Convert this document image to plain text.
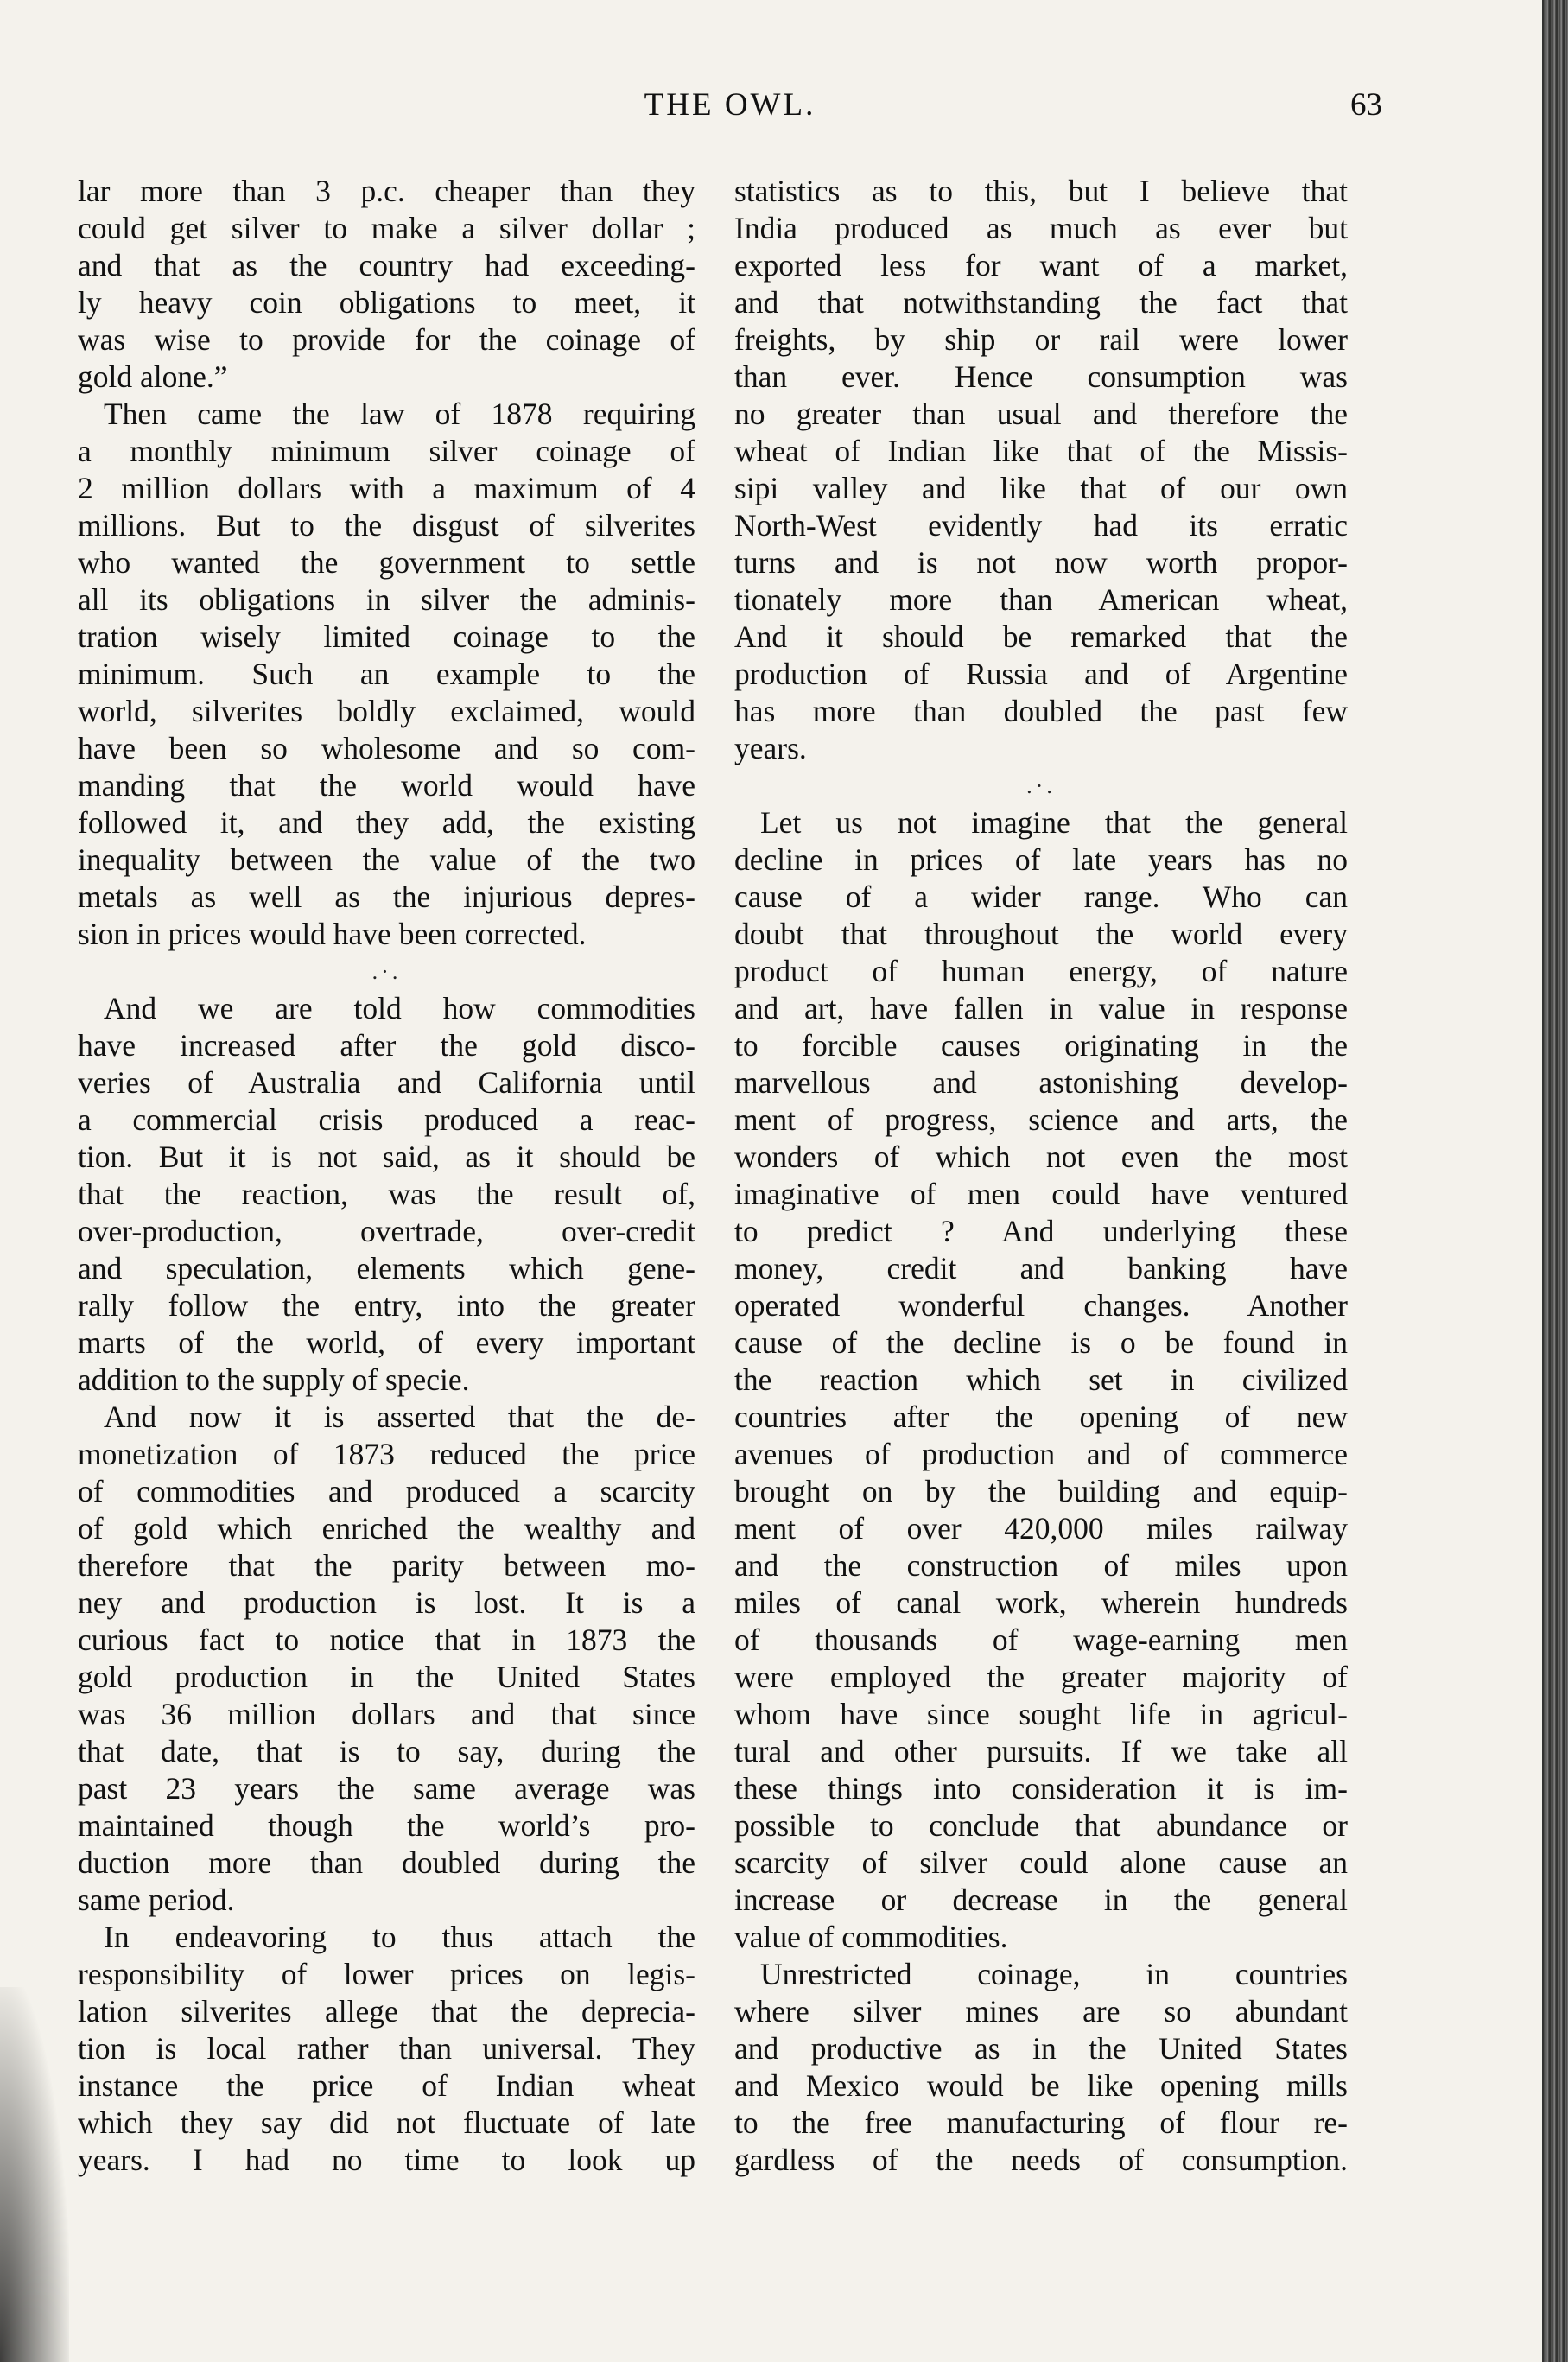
THE OWL.	63
lar more than 3 p.c. cheaper than they
could get silver to make a silver dollar ;
and that as the country had exceeding-
ly heavy coin obligations to meet, it
was wise to provide for the coinage of
gold alone.”
Then came the law of 1878 requiring
a monthly minimum silver coinage of
2 million dollars with a maximum of 4
millions. But to the disgust of silverites
who wanted the government to settle
all its obligations in silver the adminis-
tration wisely limited coinage to the
minimum. Such an example to the
world, silverites boldly exclaimed, would
have been so wholesome and so com-
manding that the world would have
followed it, and they add, the existing
inequality between the value of the two
metals as well as the injurious depres-
sion in prices would have been corrected.
.·.
And we are told how commodities
have increased after the gold disco-
veries of Australia and California until
a commercial crisis produced a reac-
tion. But it is not said, as it should be
that the reaction, was the result of,
over-production, overtrade, over-credit
and speculation, elements which gene-
rally follow the entry, into the greater
marts of the world, of every important
addition to the supply of specie.
And now it is asserted that the de-
monetization of 1873 reduced the price
of commodities and produced a scarcity
of gold which enriched the wealthy and
therefore that the parity between mo-
ney and production is lost. It is a
curious fact to notice that in 1873 the
gold production in the United States
was 36 million dollars and that since
that date, that is to say, during the
past 23 years the same average was
maintained though the world’s pro-
duction more than doubled during the
same period.
In endeavoring to thus attach the
responsibility of lower prices on legis-
lation silverites allege that the deprecia-
tion is local rather than universal. They
instance the price of Indian wheat
which they say did not fluctuate of late
years. I had no time to look up
statistics as to this, but I believe that
India produced as much as ever but
exported less for want of a market,
and that notwithstanding the fact that
freights, by ship or rail were lower
than ever. Hence consumption was
no greater than usual and therefore the
wheat of Indian like that of the Missis-
sipi valley and like that of our own
North-West evidently had its erratic
turns and is not now worth propor-
tionately more than American wheat,
And it should be remarked that the
production of Russia and of Argentine
has more than doubled the past few
years.
.·.
Let us not imagine that the general
decline in prices of late years has no
cause of a wider range. Who can
doubt that throughout the world every
product of human energy, of nature
and art, have fallen in value in response
to forcible causes originating in the
marvellous and astonishing develop-
ment of progress, science and arts, the
wonders of which not even the most
imaginative of men could have ventured
to predict ? And underlying these
money, credit and banking have
operated wonderful changes. Another
cause of the decline is o be found in
the reaction which set in civilized
countries after the opening of new
avenues of production and of commerce
brought on by the building and equip-
ment of over 420,000 miles railway
and the construction of miles upon
miles of canal work, wherein hundreds
of thousands of wage-earning men
were employed the greater majority of
whom have since sought life in agricul-
tural and other pursuits. If we take all
these things into consideration it is im-
possible to conclude that abundance or
scarcity of silver could alone cause an
increase or decrease in the general
value of commodities.
Unrestricted coinage, in countries
where silver mines are so abundant
and productive as in the United States
and Mexico would be like opening mills
to the free manufacturing of flour re-
gardless of the needs of consumption.
